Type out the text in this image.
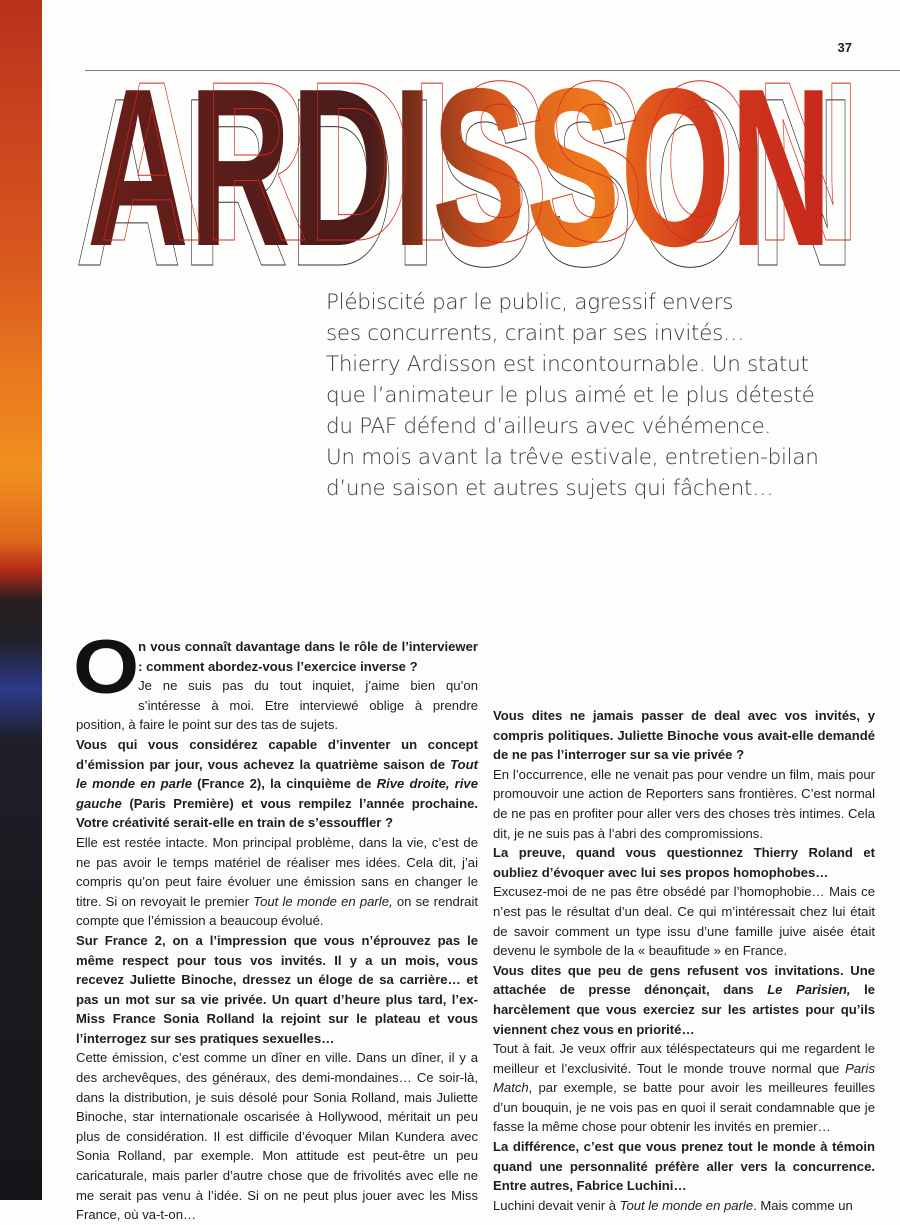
37
ARDISSON
ARDISSON
ARDISSON
Plébiscité par le public, agressif envers
ses concurrents, craint par ses invités…
Thierry Ardisson est incontournable. Un statut
que l’animateur le plus aimé et le plus détesté
du PAF défend d’ailleurs avec véhémence.
Un mois avant la trêve estivale, entretien-bilan
d’une saison et autres sujets qui fâchent…

O
n vous connaît davantage dans le rôle de l’interviewer : comment abordez-vous l’exercice inverse ?
Je ne suis pas du tout inquiet, j’aime bien qu’on s’intéresse à moi. Etre interviewé oblige à prendre position, à faire le point sur des tas de sujets.

Vous qui vous considérez capable d’inventer un concept d’émission par jour, vous achevez la quatrième saison de Tout le monde en parle (France 2), la cinquième de Rive droite, rive gauche (Paris Première) et vous rempilez l’année prochaine. Votre créativité serait-elle en train de s’essouffler ?

Elle est restée intacte. Mon principal problème, dans la vie, c’est de ne pas avoir le temps matériel de réaliser mes idées. Cela dit, j’ai compris qu’on peut faire évoluer une émission sans en changer le titre. Si on revoyait le premier Tout le monde en parle, on se rendrait compte que l’émission a beaucoup évolué.

Sur France 2, on a l’impression que vous n’éprouvez pas le même respect pour tous vos invités. Il y a un mois, vous recevez Juliette Binoche, dressez un éloge de sa carrière… et pas un mot sur sa vie privée. Un quart d’heure plus tard, l’ex-Miss France Sonia Rolland la rejoint sur le plateau et vous l’interrogez sur ses pratiques sexuelles…

Cette émission, c’est comme un dîner en ville. Dans un dîner, il y a des archevêques, des généraux, des demi-mondaines… Ce soir-là, dans la distribution, je suis désolé pour Sonia Rolland, mais Juliette Binoche, star internationale oscarisée à Hollywood, méritait un peu plus de considération. Il est difficile d’évoquer Milan Kundera avec Sonia Rolland, par exemple. Mon attitude est peut-être un peu caricaturale, mais parler d’autre chose que de frivolités avec elle ne me serait pas venu à l’idée. Si on ne peut plus jouer avec les Miss France, où va-t-on…

Vous dites ne jamais passer de deal avec vos invités, y compris politiques. Juliette Binoche vous avait-elle demandé de ne pas l’interroger sur sa vie privée ?

En l’occurrence, elle ne venait pas pour vendre un film, mais pour promouvoir une action de Reporters sans frontières. C’est normal de ne pas en profiter pour aller vers des choses très intimes. Cela dit, je ne suis pas à l’abri des compromissions.

La preuve, quand vous questionnez Thierry Roland et oubliez d’évoquer avec lui ses propos homophobes…

Excusez-moi de ne pas être obsédé par l’homophobie… Mais ce n’est pas le résultat d’un deal. Ce qui m’intéressait chez lui était de savoir comment un type issu d’une famille juive aisée était devenu le symbole de la « beaufitude » en France.

Vous dites que peu de gens refusent vos invitations. Une attachée de presse dénonçait, dans Le Parisien, le harcèlement que vous exerciez sur les artistes pour qu’ils viennent chez vous en priorité…

Tout à fait. Je veux offrir aux téléspectateurs qui me regardent le meilleur et l’exclusivité. Tout le monde trouve normal que Paris Match, par exemple, se batte pour avoir les meilleures feuilles d’un bouquin, je ne vois pas en quoi il serait condamnable que je fasse la même chose pour obtenir les invités en premier…

La différence, c’est que vous prenez tout le monde à témoin quand une personnalité préfère aller vers la concurrence. Entre autres, Fabrice Luchini…

Luchini devait venir à Tout le monde en parle. Mais comme un
